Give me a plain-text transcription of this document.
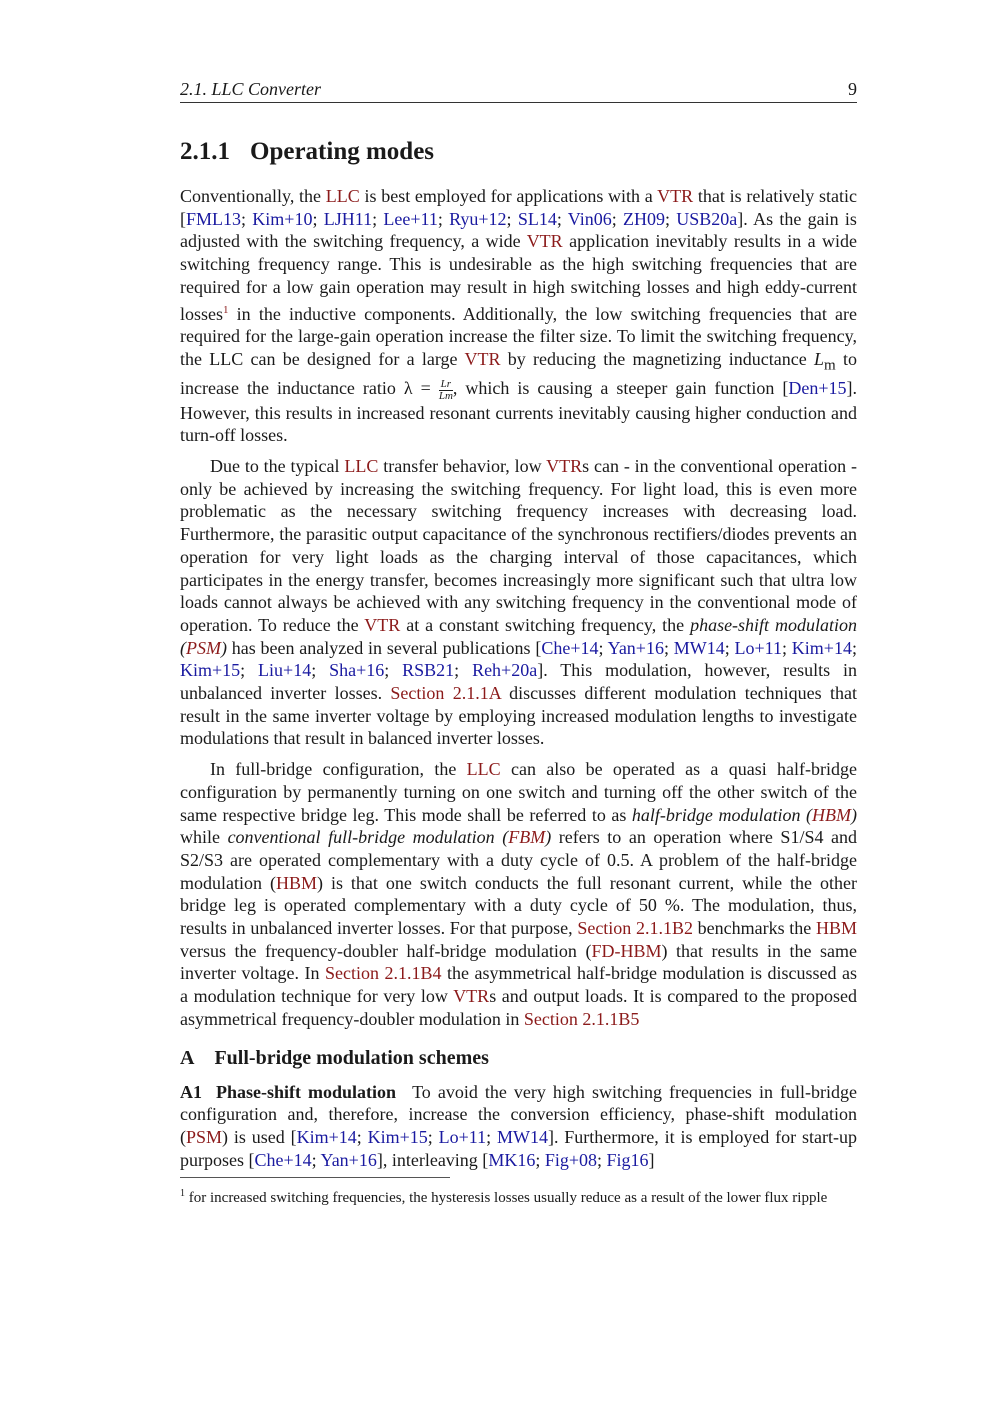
2.1. LLC Converter	9
2.1.1 Operating modes

Conventionally, the LLC is best employed for applications with a VTR that is relatively static [FML13; Kim+10; LJH11; Lee+11; Ryu+12; SL14; Vin06; ZH09; USB20a]. As the gain is adjusted with the switching frequency, a wide VTR application inevitably results in a wide switching frequency range. This is undesirable as the high switching frequencies that are required for a low gain operation may result in high switching losses and high eddy-current losses$^1$ in the inductive components. Additionally, the low switching frequencies that are required for the large-gain operation increase the filter size. To limit the switching frequency, the LLC can be designed for a large VTR by reducing the magnetizing inductance $L_m$ to increase the inductance ratio $\lambda = \frac{Lr}{Lm}$ , which is causing a steeper gain function [Den+15]. However, this results in increased resonant currents inevitably causing higher conduction and turn-off losses.

Due to the typical LLC transfer behavior, low VTRs can - in the conventional operation - only be achieved by increasing the switching frequency. For light load, this is even more problematic as the necessary switching frequency increases with decreasing load. Furthermore, the parasitic output capacitance of the synchronous rectifiers/diodes prevents an operation for very light loads as the charging interval of those capacitances, which participates in the energy transfer, becomes increasingly more significant such that ultra low loads cannot always be achieved with any switching frequency in the conventional mode of operation. To reduce the VTR at a constant switching frequency, the phase-shift modulation (PSM) has been analyzed in several publications [Che+14; Yan+16; MW14; Lo+11; Kim+14; Kim+15; Liu+14; Sha+16; RSB21; Reh+20a]. This modulation, however, results in unbalanced inverter losses. Section 2.1.1A discusses different modulation techniques that result in the same inverter voltage by employing increased modulation lengths to investigate modulations that result in balanced inverter losses.

In full-bridge configuration, the LLC can also be operated as a quasi half-bridge configuration by permanently turning on one switch and turning off the other switch of the same respective bridge leg. This mode shall be referred to as half-bridge modulation (HBM) while conventional full-bridge modulation (FBM) refers to an operation where S1/S4 and S2/S3 are operated complementary with a duty cycle of 0.5. A problem of the half-bridge modulation (HBM) is that one switch conducts the full resonant current, while the other bridge leg is operated complementary with a duty cycle of 50 %. The modulation, thus, results in unbalanced inverter losses. For that purpose, Section 2.1.1B2 benchmarks the HBM versus the frequency-doubler half-bridge modulation (FD-HBM) that results in the same inverter voltage. In Section 2.1.1B4 the asymmetrical half-bridge modulation is discussed as a modulation technique for very low VTRs and output loads. It is compared to the proposed asymmetrical frequency-doubler modulation in Section 2.1.1B5

A Full-bridge modulation schemes

A1 Phase-shift modulation To avoid the very high switching frequencies in full-bridge configuration and, therefore, increase the conversion efficiency, phase-shift modulation (PSM) is used [Kim+14; Kim+15; Lo+11; MW14]. Furthermore, it is employed for start-up purposes [Che+14; Yan+16], interleaving [MK16; Fig+08; Fig16]

$^1$ for increased switching frequencies, the hysteresis losses usually reduce as a result of the lower flux ripple
